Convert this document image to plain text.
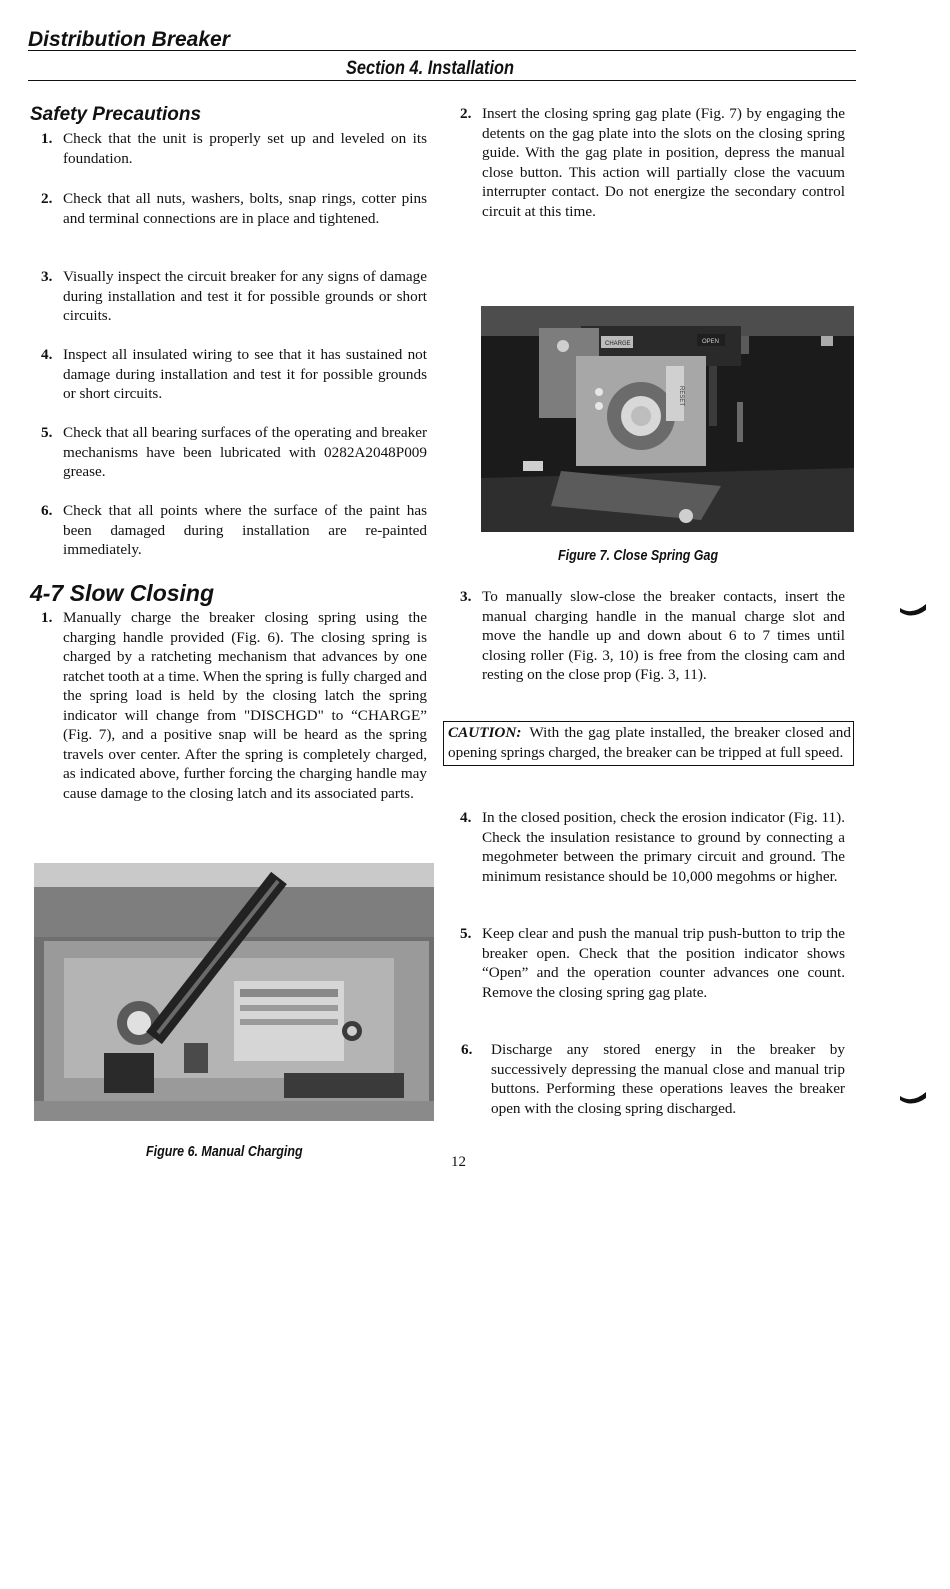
Distribution Breaker
Section 4. Installation
Safety Precautions
1. Check that the unit is properly set up and leveled on its foundation.
2. Check that all nuts, washers, bolts, snap rings, cotter pins and terminal connections are in place and tightened.
3. Visually inspect the circuit breaker for any signs of damage during installation and test it for possible grounds or short circuits.
4. Inspect all insulated wiring to see that it has sustained not damage during installation and test it for possible grounds or short circuits.
5. Check that all bearing surfaces of the operating and breaker mechanisms have been lubricated with 0282A2048P009 grease.
6. Check that all points where the surface of the paint has been damaged during installation are re-painted immediately.
4-7 Slow Closing
1. Manually charge the breaker closing spring using the charging handle provided (Fig. 6). The closing spring is charged by a ratcheting mechanism that advances by one ratchet tooth at a time. When the spring is fully charged and the spring load is held by the closing latch the spring indicator will change from "DISCHGD" to “CHARGE” (Fig. 7), and a positive snap will be heard as the spring travels over center. After the spring is completely charged, as indicated above, further forcing the charging handle may cause damage to the closing latch and its associated parts.
Figure 6. Manual Charging
2. Insert the closing spring gag plate (Fig. 7) by engaging the detents on the gag plate into the slots on the closing spring guide. With the gag plate in position, depress the manual close button. This action will partially close the vacuum interrupter contact. Do not energize the secondary control circuit at this time.
CHARGE	OPEN
RESET
Figure 7. Close Spring Gag
3. To manually slow-close the breaker contacts, insert the manual charging handle in the manual charge slot and move the handle up and down about 6 to 7 times until closing roller (Fig. 3, 10) is free from the closing cam and resting on the close prop (Fig. 3, 11).
CAUTION: With the gag plate installed, the breaker closed and opening springs charged, the breaker can be tripped at full speed.
4. In the closed position, check the erosion indicator (Fig. 11). Check the insulation resistance to ground by connecting a megohmeter between the primary circuit and ground. The minimum resistance should be 10,000 megohms or higher.
5. Keep clear and push the manual trip push-button to trip the breaker open. Check that the position indicator shows “Open” and the operation counter advances one count. Remove the closing spring gag plate.
6. Discharge any stored energy in the breaker by successively depressing the manual close and manual trip buttons. Performing these operations leaves the breaker open with the closing spring discharged.
12
